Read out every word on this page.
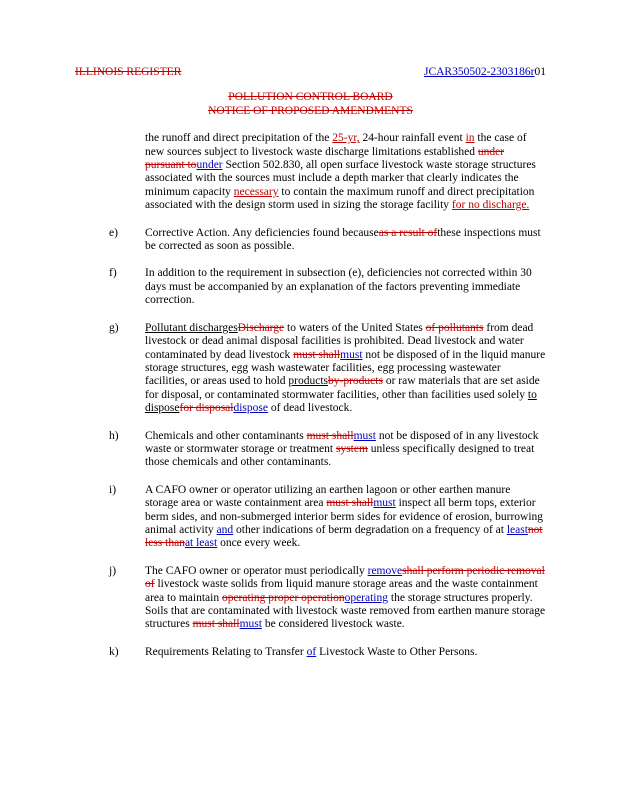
ILLINOIS REGISTER	JCAR350502-2303186r01
POLLUTION CONTROL BOARD
NOTICE OF PROPOSED AMENDMENTS
the runoff and direct precipitation of the 25-yr, 24-hour rainfall event in the case of new sources subject to livestock waste discharge limitations established under pursuant tounder Section 502.830, all open surface livestock waste storage structures associated with the sources must include a depth marker that clearly indicates the minimum capacity necessary to contain the maximum runoff and direct precipitation associated with the design storm used in sizing the storage facility for no discharge.
e)	Corrective Action. Any deficiencies found becauseas a result ofthese inspections must be corrected as soon as possible.
f)	In addition to the requirement in subsection (e), deficiencies not corrected within 30 days must be accompanied by an explanation of the factors preventing immediate correction.
g)	Pollutant dischargesDischarge to waters of the United States of pollutants from dead livestock or dead animal disposal facilities is prohibited. Dead livestock and water contaminated by dead livestock must shallmust not be disposed of in the liquid manure storage structures, egg wash wastewater facilities, egg processing wastewater facilities, or areas used to hold productsby-products or raw materials that are set aside for disposal, or contaminated stormwater facilities, other than facilities used solely to disposefor disposaldispose of dead livestock.
h)	Chemicals and other contaminants must shallmust not be disposed of in any livestock waste or stormwater storage or treatment system unless specifically designed to treat those chemicals and other contaminants.
i)	A CAFO owner or operator utilizing an earthen lagoon or other earthen manure storage area or waste containment area must shallmust inspect all berm tops, exterior berm sides, and non-submerged interior berm sides for evidence of erosion, burrowing animal activity and other indications of berm degradation on a frequency of at leastnot less thanat least once every week.
j)	The CAFO owner or operator must periodically removeshall perform periodic removal of livestock waste solids from liquid manure storage areas and the waste containment area to maintain operating proper operationoperating the storage structures properly. Soils that are contaminated with livestock waste removed from earthen manure storage structures must shallmust be considered livestock waste.
k)	Requirements Relating to Transfer of Livestock Waste to Other Persons.
